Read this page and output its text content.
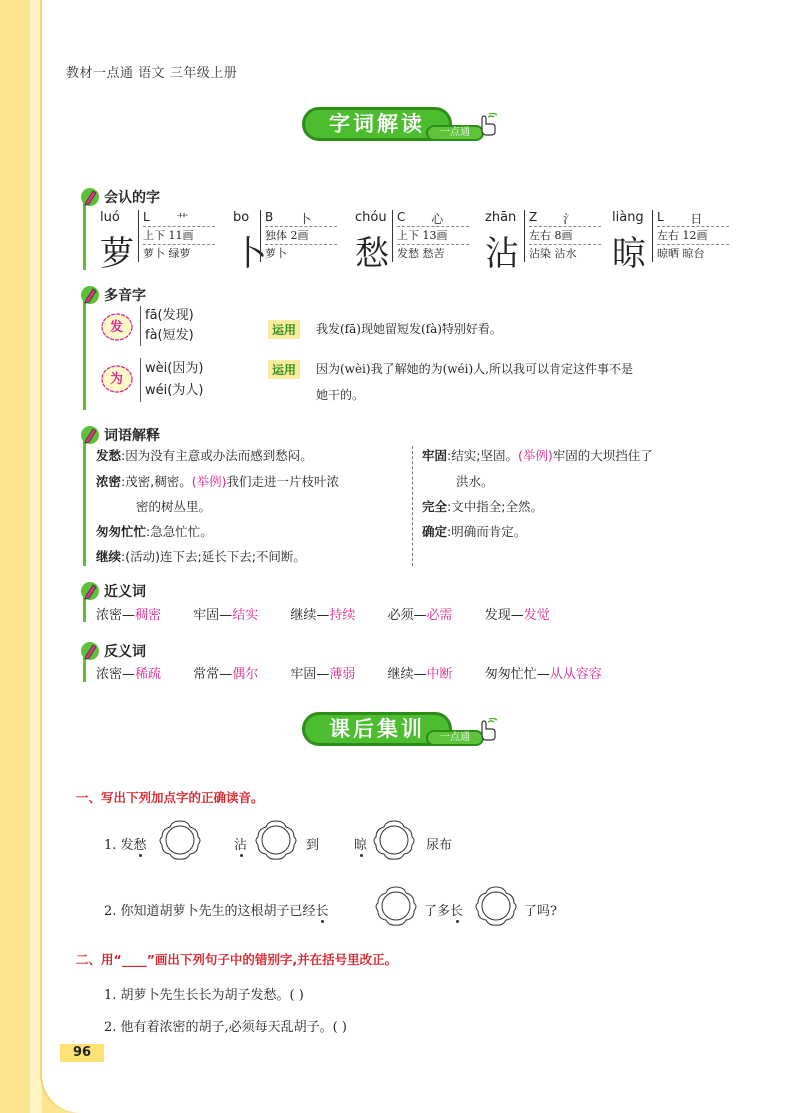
教材一点通 语文 三年级上册
字词解读	一点通
会认的字
luó
萝
L 艹
上下 11画
萝卜 绿萝
bo
卜
B 卜
独体 2画
萝卜
chóu
愁
C 心
上下 13画
发愁 愁苦
zhān
沾
Z 氵
左右 8画
沾染 沾水
liàng
晾
L 日
左右 12画
晾晒 晾台
多音字
发
fā(发现)
fà(短发)	运用	我发(fā)现她留短发(fà)特别好看。
为
wèi(因为)
wéi(为人)
运用	因为(wèi)我了解她的为(wéi)人,所以我可以肯定这件事不是
她干的。
词语解释
发愁:因为没有主意或办法而感到愁闷。
浓密:茂密,稠密。(举例)我们走进一片枝叶浓
密的树丛里。
匆匆忙忙:急急忙忙。
继续:(活动)连下去;延长下去;不间断。
牢固:结实;坚固。(举例)牢固的大坝挡住了
洪水。
完全:文中指全;全然。
确定:明确而肯定。
近义词
浓密—稠密 牢固—结实 继续—持续 必须—必需 发现—发觉
反义词
浓密—稀疏 常常—偶尔 牢固—薄弱 继续—中断 匆匆忙忙—从从容容
课后集训	一点通
一、写出下列加点字的正确读音。
1. 发愁	沾	到	晾	尿布
2. 你知道胡萝卜先生的这根胡子已经长	了多长	了吗?
二、用“____”画出下列句子中的错别字,并在括号里改正。
1. 胡萝卜先生长长为胡子发愁。( )
2. 他有着浓密的胡子,必须每天乱胡子。( )
96
